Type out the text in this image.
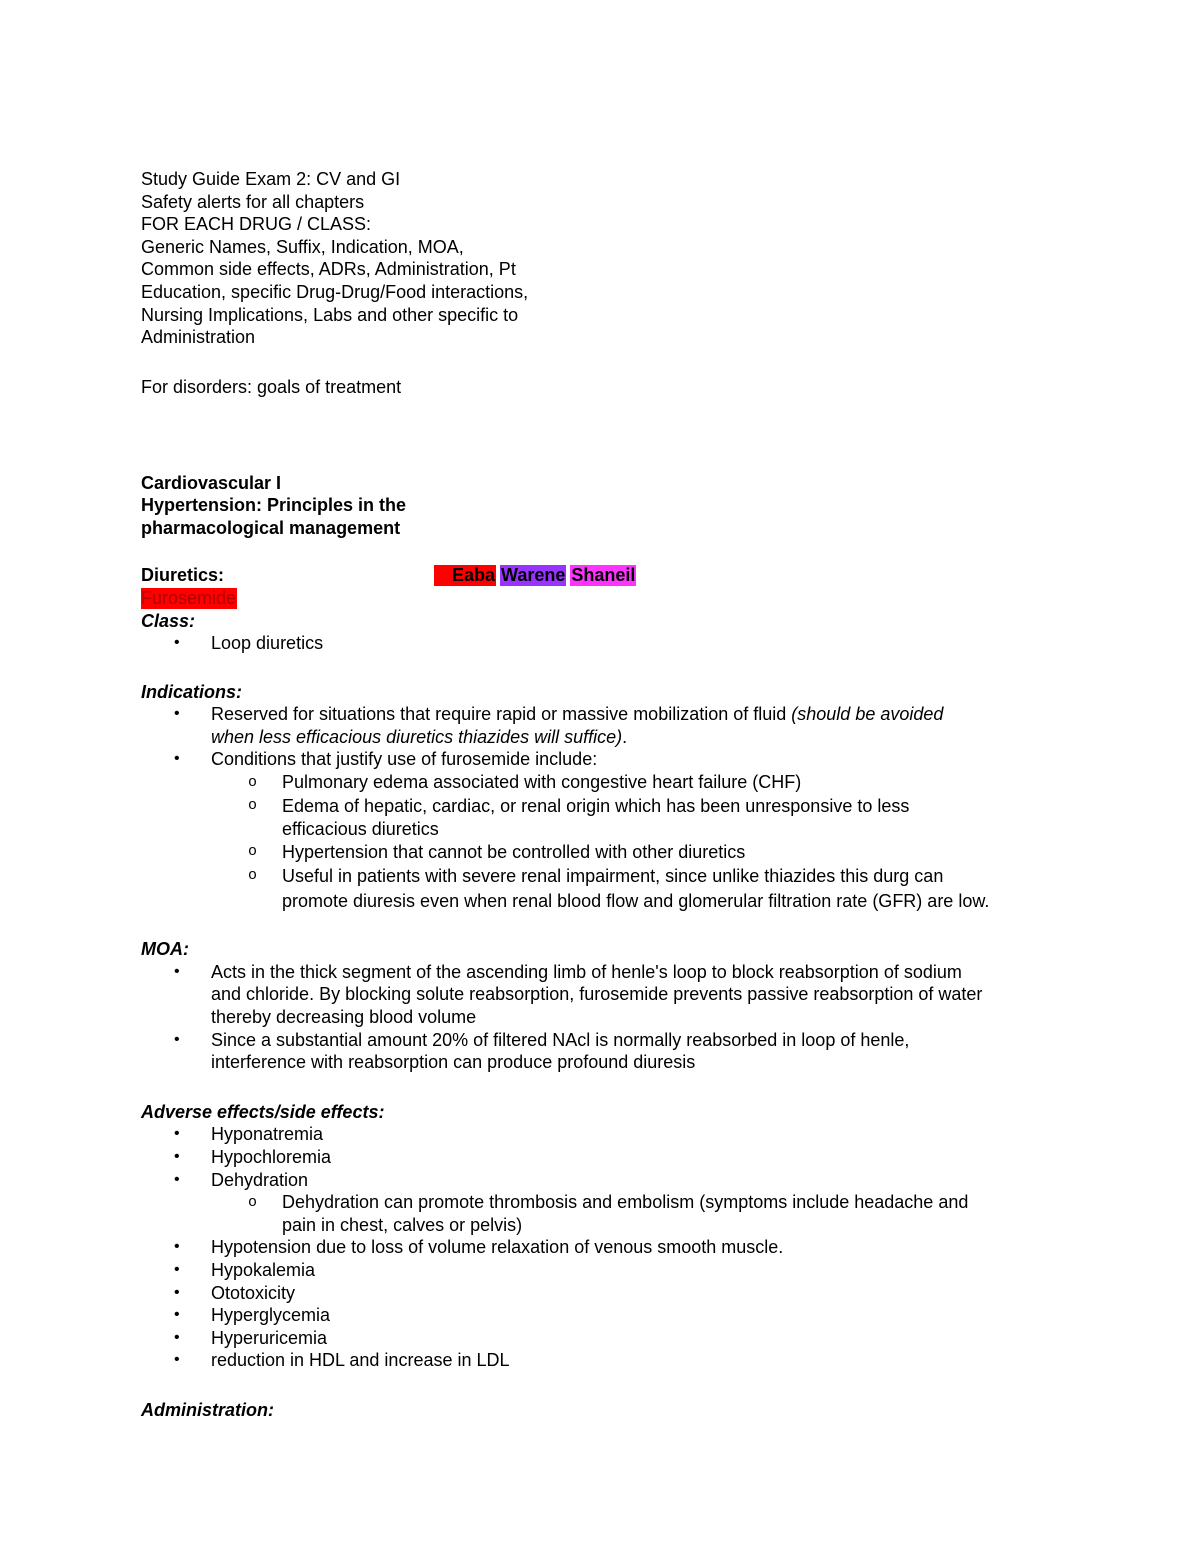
Study Guide Exam 2: CV and GI
Safety alerts for all chapters
FOR EACH DRUG / CLASS:
Generic Names, Suffix, Indication, MOA,
Common side effects, ADRs, Administration, Pt
Education, specific Drug-Drug/Food interactions,
Nursing Implications, Labs and other specific to
Administration
For disorders: goals of treatment
Cardiovascular I
Hypertension: Principles in the
pharmacological management
Diuretics:	Eaba Warene Shaneil
Furosemide
Class:
• Loop diuretics
Indications:
• Reserved for situations that require rapid or massive mobilization of fluid (should be avoided
when less efficacious diuretics thiazides will suffice).
• Conditions that justify use of furosemide include:
o Pulmonary edema associated with congestive heart failure (CHF)
o Edema of hepatic, cardiac, or renal origin which has been unresponsive to less
efficacious diuretics
o Hypertension that cannot be controlled with other diuretics
o Useful in patients with severe renal impairment, since unlike thiazides this durg can
promote diuresis even when renal blood flow and glomerular filtration rate (GFR) are low.
MOA:
• Acts in the thick segment of the ascending limb of henle's loop to block reabsorption of sodium
and chloride. By blocking solute reabsorption, furosemide prevents passive reabsorption of water
thereby decreasing blood volume
• Since a substantial amount 20% of filtered NAcl is normally reabsorbed in loop of henle,
interference with reabsorption can produce profound diuresis
Adverse effects/side effects:
• Hyponatremia
• Hypochloremia
• Dehydration
o Dehydration can promote thrombosis and embolism (symptoms include headache and
pain in chest, calves or pelvis)
• Hypotension due to loss of volume relaxation of venous smooth muscle.
• Hypokalemia
• Ototoxicity
• Hyperglycemia
• Hyperuricemia
• reduction in HDL and increase in LDL
Administration:
